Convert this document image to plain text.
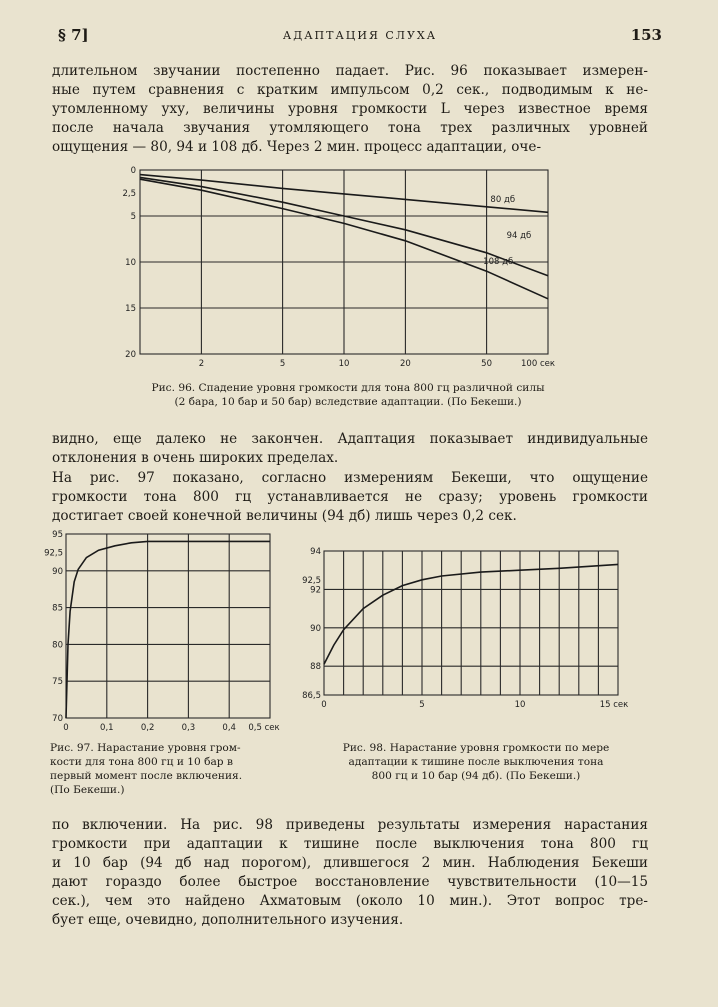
§ 7]	АДАПТАЦИЯ СЛУХА	153

длительном звучании постепенно падает. Рис. 96 показывает измерен-
ные путем сравнения с кратким импульсом 0,2 сек., подводимым к не-
утомленному уху, величины уровня громкости L через известное время
после начала звучания утомляющего тона трех различных уровней
ощущения — 80, 94 и 108 дб. Через 2 мин. процесс адаптации, оче-

2	5	10	20	50	100 сек
0
2,5
5
10
15
20
80 дб
94 дб
108 дб

Рис. 96. Спадение уровня громкости для тона 800 гц различной силы
(2 бара, 10 бар и 50 бар) вследствие адаптации. (По Бекеши.)

видно, еще далеко не закончен. Адаптация показывает индивидуальные
отклонения в очень широких пределах.

На рис. 97 показано, согласно измерениям Бекеши, что ощущение
громкости тона 800 гц устанавливается не сразу; уровень громкости
достигает своей конечной величины (94 дб) лишь через 0,2 сек.

0	0,1	0,2	0,3	0,4 0,5 сек
95
92,5
90
85
80
75
70

Рис. 97. Нарастание уровня гром-
кости для тона 800 гц и 10 бар в
первый момент после включения.
(По Бекеши.)

0	5	10	15 сек
94
92,5
92
90
88
86,5

Рис. 98. Нарастание уровня громкости по мере
адаптации к тишине после выключения тона
800 гц и 10 бар (94 дб). (По Бекеши.)

по включении. На рис. 98 приведены результаты измерения нарастания
громкости при адаптации к тишине после выключения тона 800 гц
и 10 бар (94 дб над порогом), длившегося 2 мин. Наблюдения Бекеши
дают гораздо более быстрое восстановление чувствительности (10—15
сек.), чем это найдено Ахматовым (около 10 мин.). Этот вопрос тре-
бует еще, очевидно, дополнительного изучения.
